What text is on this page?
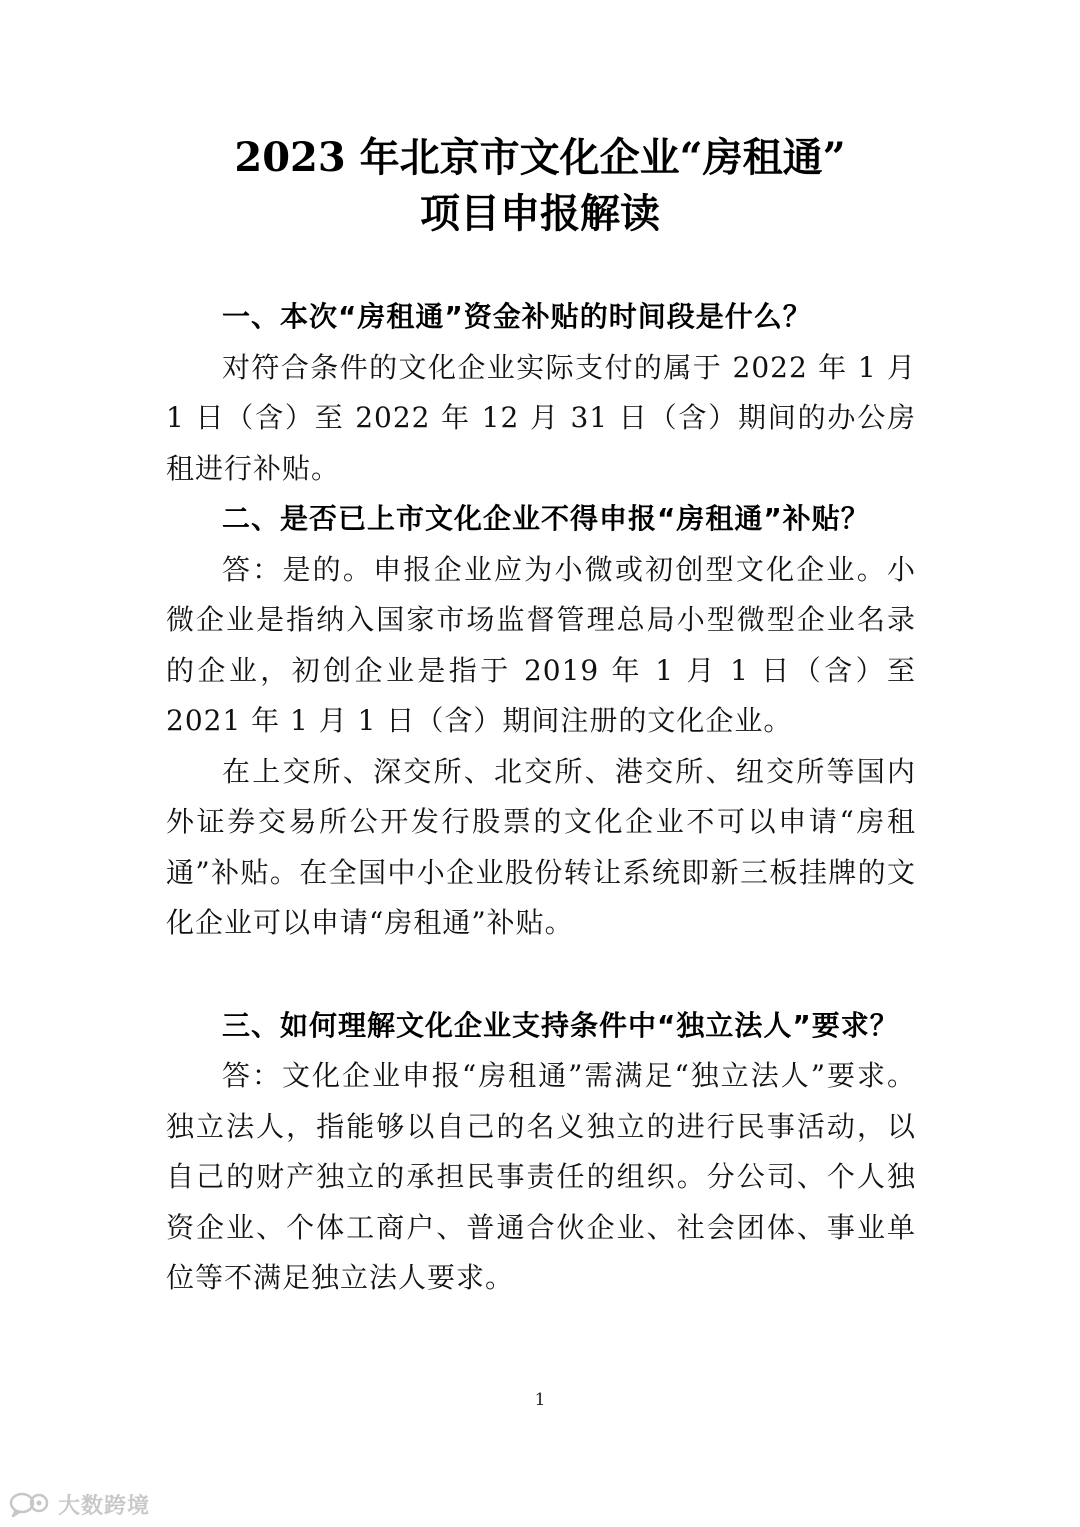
2023 年北京市文化企业“房租通”
项目申报解读

一、本次“房租通”资金补贴的时间段是什么？

对符合条件的文化企业实际支付的属于 2022 年 1 月 1 日（含）至 2022 年 12 月 31 日（含）期间的办公房租进行补贴。

二、是否已上市文化企业不得申报“房租通”补贴？

答：是的。申报企业应为小微或初创型文化企业。小微企业是指纳入国家市场监督管理总局小型微型企业名录的企业，初创企业是指于 2019 年 1 月 1 日（含）至 2021 年 1 月 1 日（含）期间注册的文化企业。

在上交所、深交所、北交所、港交所、纽交所等国内外证券交易所公开发行股票的文化企业不可以申请“房租通”补贴。在全国中小企业股份转让系统即新三板挂牌的文化企业可以申请“房租通”补贴。

三、如何理解文化企业支持条件中“独立法人”要求？

答：文化企业申报“房租通”需满足“独立法人”要求。独立法人，指能够以自己的名义独立的进行民事活动，以自己的财产独立的承担民事责任的组织。分公司、个人独资企业、个体工商户、普通合伙企业、社会团体、事业单位等不满足独立法人要求。

1
大数跨境
